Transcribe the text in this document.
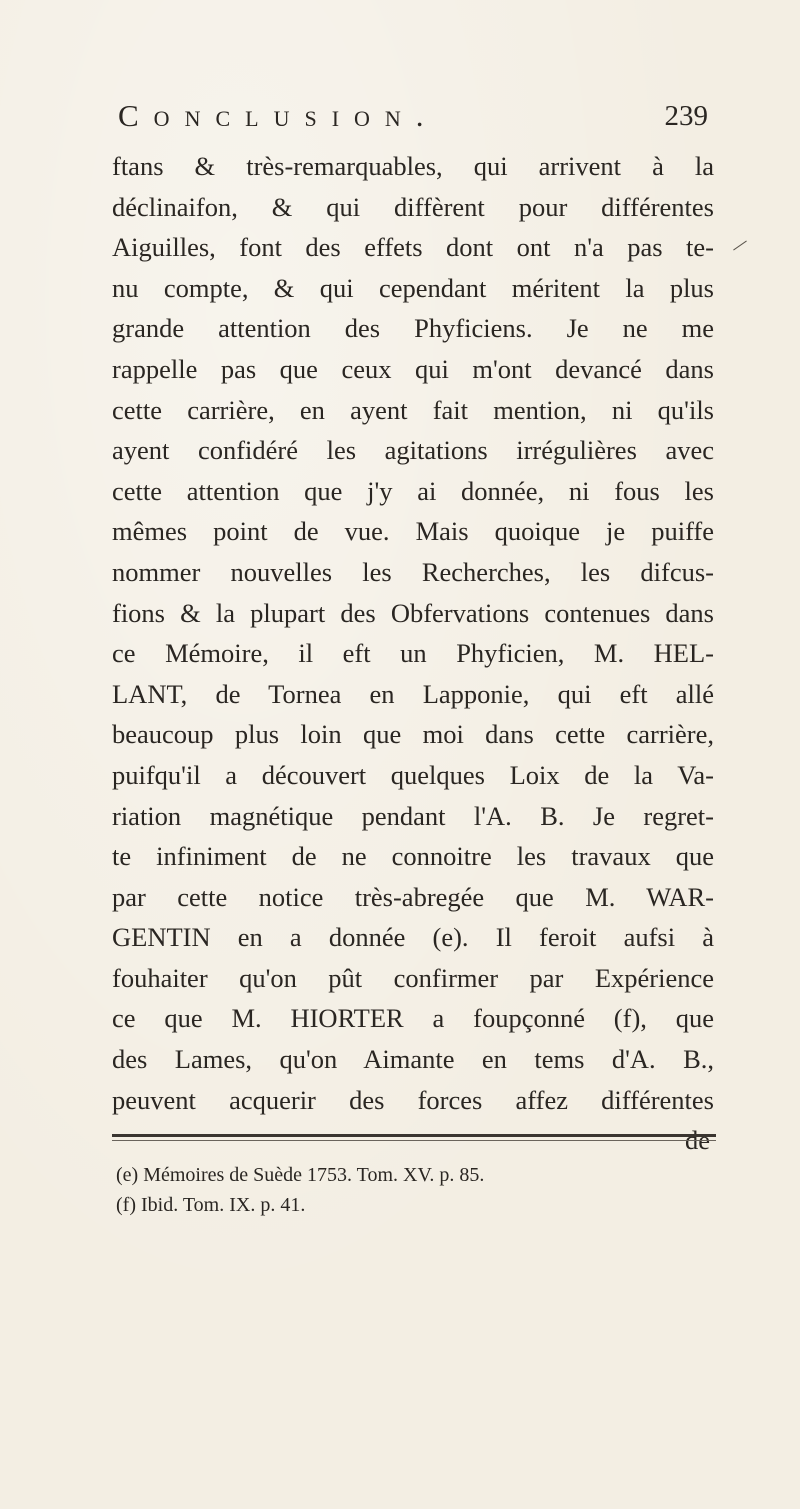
Conclusion.	239
ftans & très-remarquables, qui arrivent à la
déclinaifon, & qui diffèrent pour différentes
Aiguilles, font des effets dont ont n'a pas te-
nu compte, & qui cependant méritent la plus
grande attention des Phyficiens. Je ne me
rappelle pas que ceux qui m'ont devancé dans
cette carrière, en ayent fait mention, ni qu'ils
ayent confidéré les agitations irrégulières avec
cette attention que j'y ai donnée, ni fous les
mêmes point de vue. Mais quoique je puiffe
nommer nouvelles les Recherches, les difcus-
fions & la plupart des Obfervations contenues dans
ce Mémoire, il eft un Phyficien, M. HEL-
LANT, de Tornea en Lapponie, qui eft allé
beaucoup plus loin que moi dans cette carrière,
puifqu'il a découvert quelques Loix de la Va-
riation magnétique pendant l'A. B. Je regret-
te infiniment de ne connoitre les travaux que
par cette notice très-abregée que M. WAR-
GENTIN en a donnée (e). Il feroit aufsi à
fouhaiter qu'on pût confirmer par Expérience
ce que M. HIORTER a foupçonné (f), que
des Lames, qu'on Aimante en tems d'A. B.,
peuvent acquerir des forces affez différentes
de
(e) Mémoires de Suède 1753. Tom. XV. p. 85.
(f) Ibid. Tom. IX. p. 41.
